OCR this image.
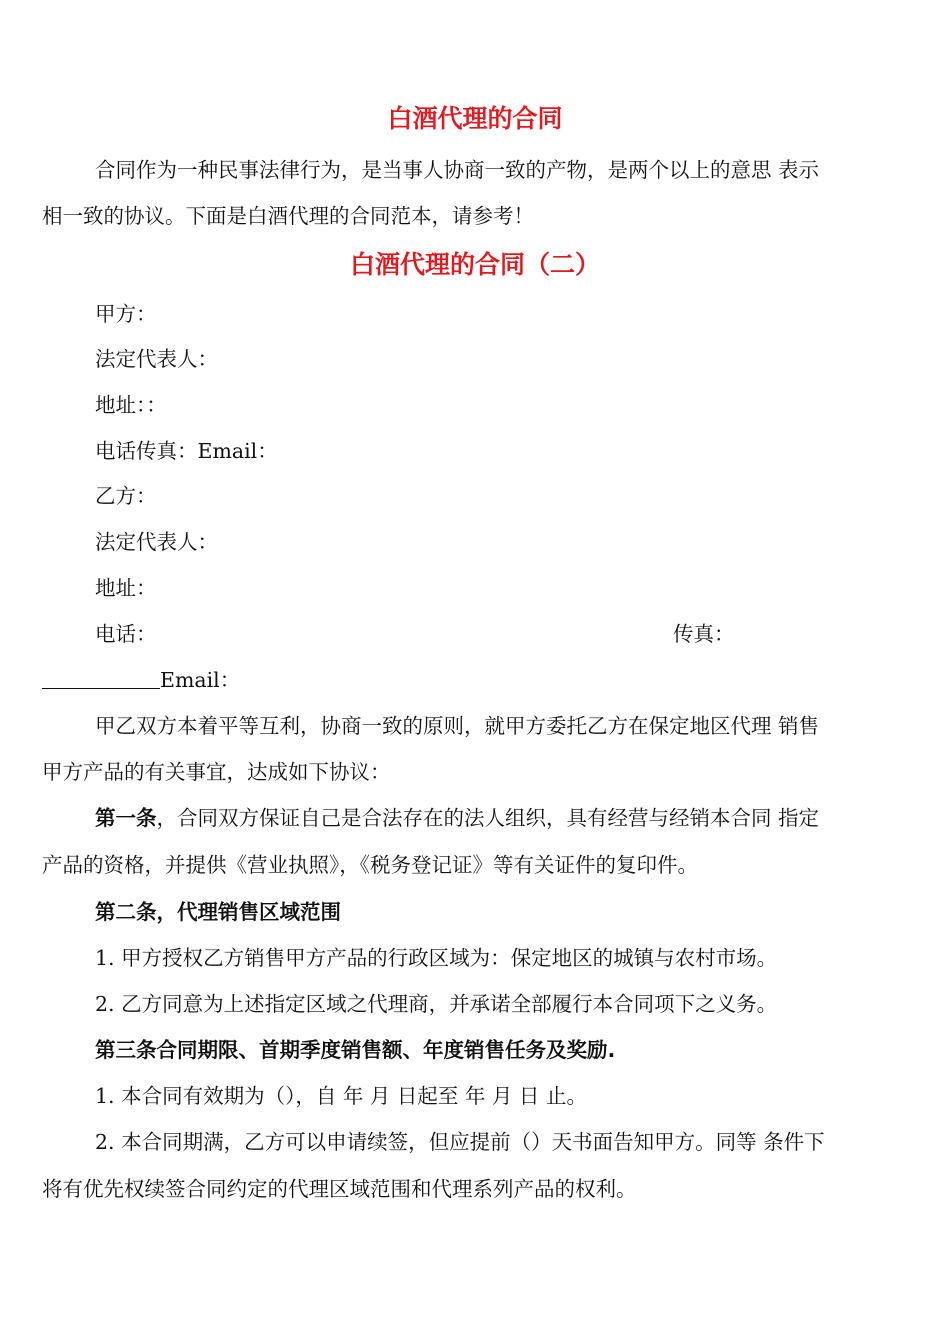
白酒代理的合同
合同作为一种民事法律行为，是当事人协商一致的产物，是两个以上的意思 表示
相一致的协议。下面是白酒代理的合同范本，请参考！
白酒代理的合同（二）
甲方：
法定代表人：
地址：：
电话传真：Email：
乙方：
法定代表人：
地址：
电话：	传真：
Email：
甲乙双方本着平等互利，协商一致的原则，就甲方委托乙方在保定地区代理 销售
甲方产品的有关事宜，达成如下协议：
第一条，合同双方保证自己是合法存在的法人组织，具有经营与经销本合同 指定
产品的资格，并提供《营业执照》，《税务登记证》等有关证件的复印件。
第二条，代理销售区域范围
1. 甲方授权乙方销售甲方产品的行政区域为：保定地区的城镇与农村市场。
2. 乙方同意为上述指定区域之代理商，并承诺全部履行本合同项下之义务。
第三条合同期限、首期季度销售额、年度销售任务及奖励.
1. 本合同有效期为（），自 年 月 日起至 年 月 日 止。
2. 本合同期满，乙方可以申请续签，但应提前（）天书面告知甲方。同等 条件下
将有优先权续签合同约定的代理区域范围和代理系列产品的权利。
